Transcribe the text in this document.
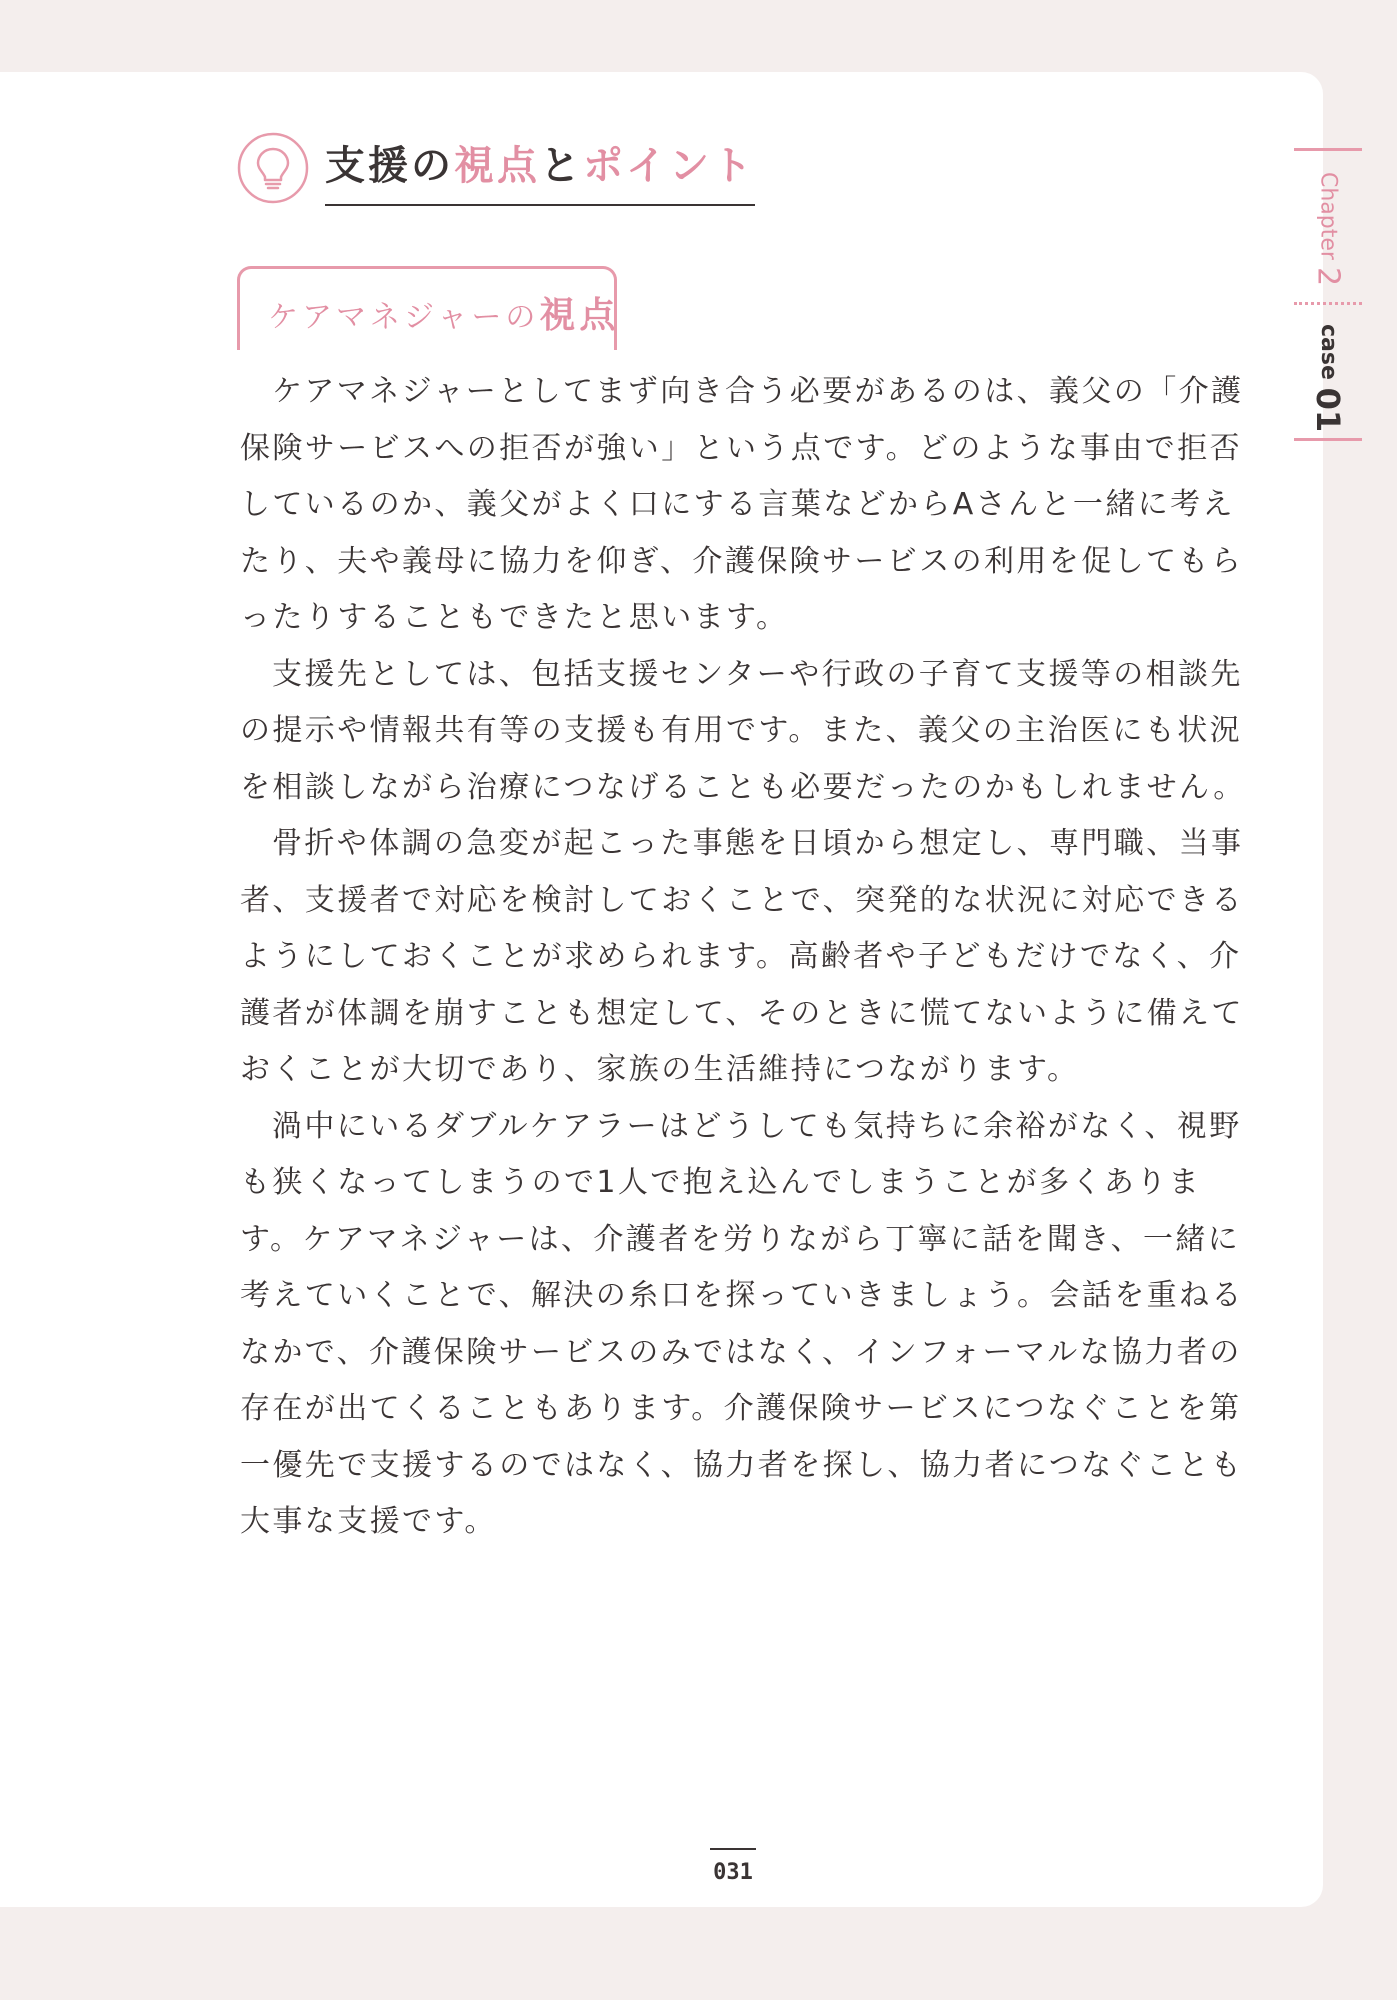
支援の視点とポイント
ケアマネジャーの視点

ケアマネジャーとしてまず向き合う必要があるのは、義父の「介護保険サービスへの拒否が強い」という点です。どのような事由で拒否しているのか、義父がよく口にする言葉などからAさんと一緒に考えたり、夫や義母に協力を仰ぎ、介護保険サービスの利用を促してもらったりすることもできたと思います。

支援先としては、包括支援センターや行政の子育て支援等の相談先の提示や情報共有等の支援も有用です。また、義父の主治医にも状況を相談しながら治療につなげることも必要だったのかもしれません。

骨折や体調の急変が起こった事態を日頃から想定し、専門職、当事者、支援者で対応を検討しておくことで、突発的な状況に対応できるようにしておくことが求められます。高齢者や子どもだけでなく、介護者が体調を崩すことも想定して、そのときに慌てないように備えておくことが大切であり、家族の生活維持につながります。

渦中にいるダブルケアラーはどうしても気持ちに余裕がなく、視野も狭くなってしまうので1人で抱え込んでしまうことが多くあります。ケアマネジャーは、介護者を労りながら丁寧に話を聞き、一緒に考えていくことで、解決の糸口を探っていきましょう。会話を重ねるなかで、介護保険サービスのみではなく、インフォーマルな協力者の存在が出てくることもあります。介護保険サービスにつなぐことを第一優先で支援するのではなく、協力者を探し、協力者につなぐことも大事な支援です。

Chapter 2
case 01
031
